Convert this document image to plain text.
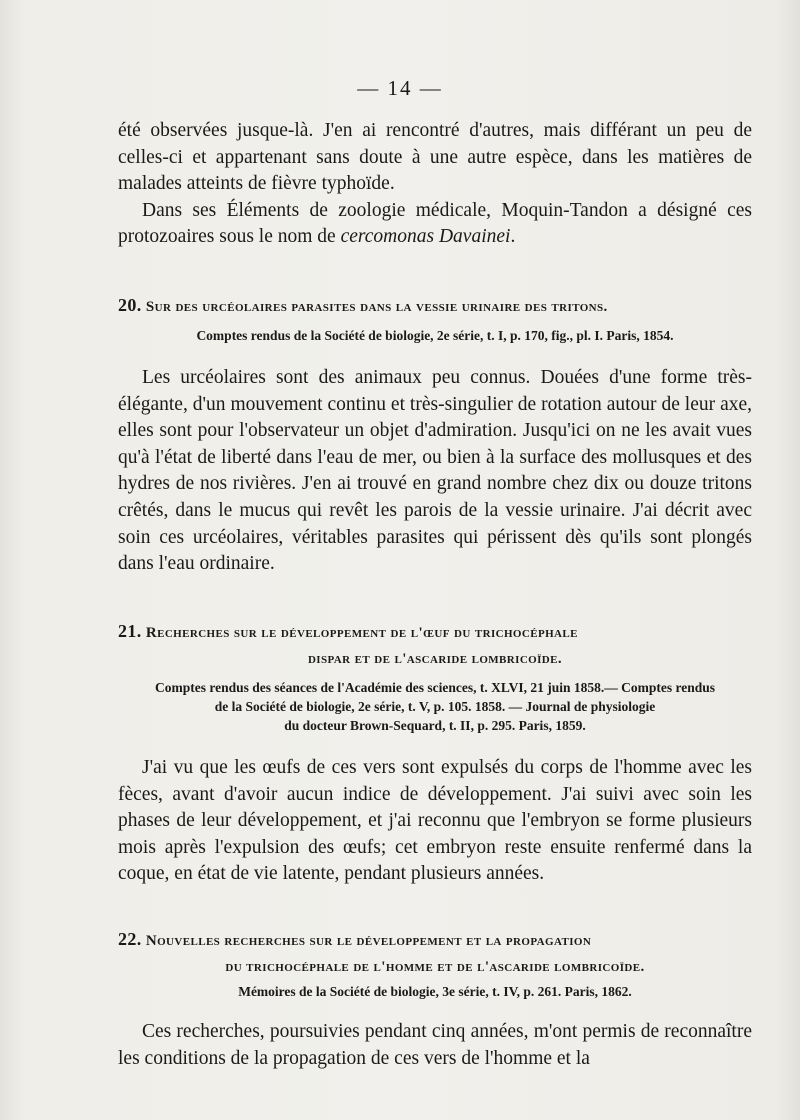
— 14 —

été observées jusque-là. J'en ai rencontré d'autres, mais différant un peu de celles-ci et appartenant sans doute à une autre espèce, dans les matières de malades atteints de fièvre typhoïde.

Dans ses Éléments de zoologie médicale, Moquin-Tandon a désigné ces protozoaires sous le nom de cercomonas Davainei.

20. Sur des urcéolaires parasites dans la vessie urinaire des tritons.

Comptes rendus de la Société de biologie, 2e série, t. I, p. 170, fig., pl. I. Paris, 1854.

Les urcéolaires sont des animaux peu connus. Douées d'une forme très-élégante, d'un mouvement continu et très-singulier de rotation autour de leur axe, elles sont pour l'observateur un objet d'admiration. Jusqu'ici on ne les avait vues qu'à l'état de liberté dans l'eau de mer, ou bien à la surface des mollusques et des hydres de nos rivières. J'en ai trouvé en grand nombre chez dix ou douze tritons crêtés, dans le mucus qui revêt les parois de la vessie urinaire. J'ai décrit avec soin ces urcéolaires, véritables parasites qui périssent dès qu'ils sont plongés dans l'eau ordinaire.

21. Recherches sur le développement de l'œuf du trichocéphale
dispar et de l'ascaride lombricoïde.

Comptes rendus des séances de l'Académie des sciences, t. XLVI, 21 juin 1858.— Comptes rendus
de la Société de biologie, 2e série, t. V, p. 105. 1858. — Journal de physiologie
du docteur Brown-Sequard, t. II, p. 295. Paris, 1859.

J'ai vu que les œufs de ces vers sont expulsés du corps de l'homme avec les fèces, avant d'avoir aucun indice de développement. J'ai suivi avec soin les phases de leur développement, et j'ai reconnu que l'embryon se forme plusieurs mois après l'expulsion des œufs; cet embryon reste ensuite renfermé dans la coque, en état de vie latente, pendant plusieurs années.

22. Nouvelles recherches sur le développement et la propagation
du trichocéphale de l'homme et de l'ascaride lombricoïde.

Mémoires de la Société de biologie, 3e série, t. IV, p. 261. Paris, 1862.

Ces recherches, poursuivies pendant cinq années, m'ont permis de reconnaître les conditions de la propagation de ces vers de l'homme et la
